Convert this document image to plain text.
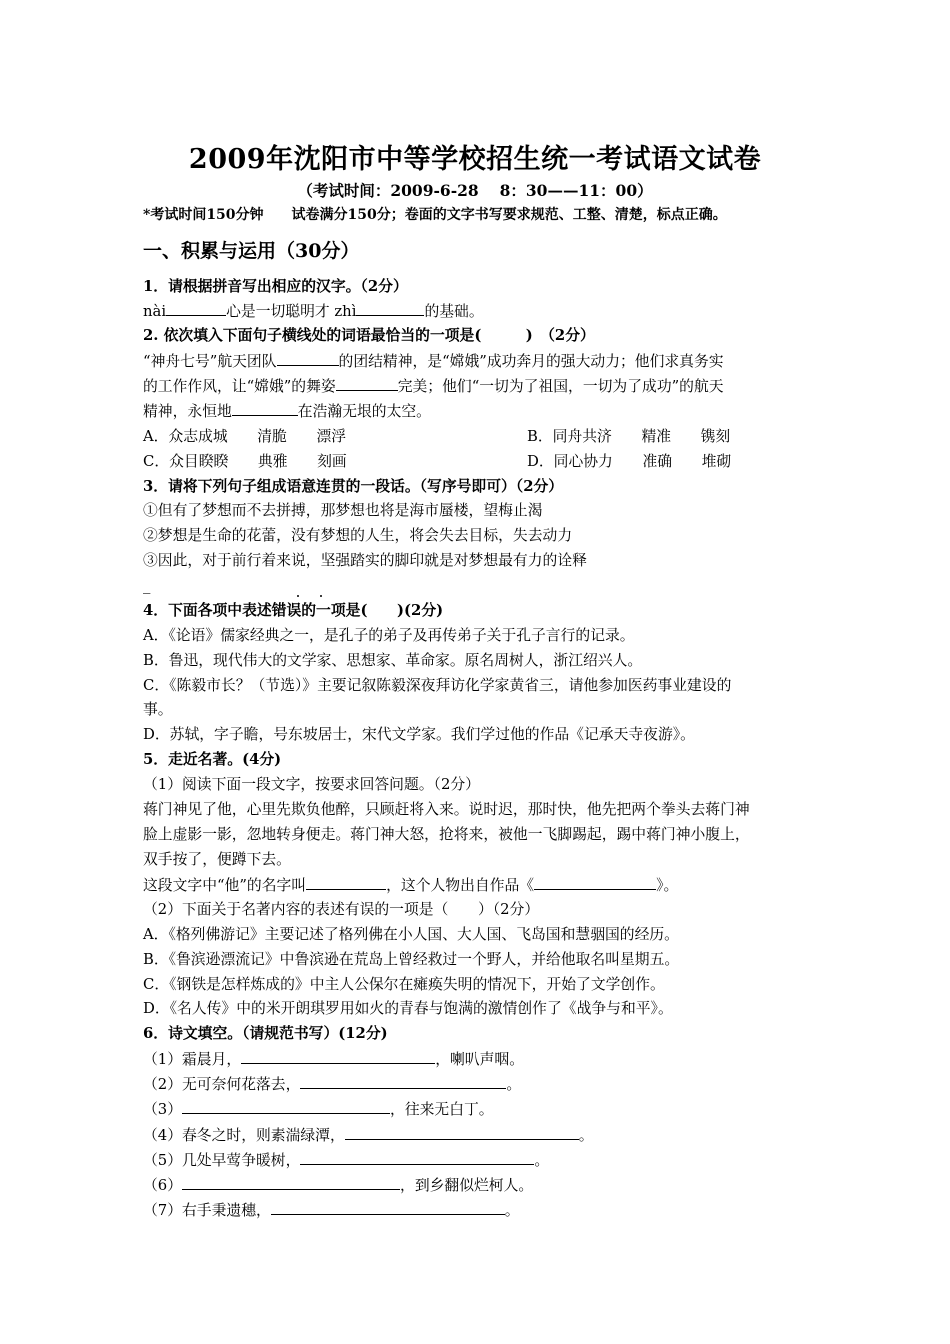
2009年沈阳市中等学校招生统一考试语文试卷
（考试时间：2009-6-28　 8：30——11：00）
*考试时间150分钟　　试卷满分150分；卷面的文字书写要求规范、工整、清楚，标点正确。
一、积累与运用（30分）
1．请根据拼音写出相应的汉字。（2分）
nài	心是一切聪明才 zhì	的基础。
2. 依次填入下面句子横线处的词语最恰当的一项是(　　　)　（2分）
“神舟七号”航天团队	的团结精神，是“嫦娥”成功奔月的强大动力；他们求真务实
的工作作风，让“嫦娥”的舞姿	完美；他们“一切为了祖国，一切为了成功”的航天
精神，永恒地	在浩瀚无垠的太空。
A．众志成城　　清脆　　漂浮	B．同舟共济　　精准　　镌刻
C．众目睽睽　　典雅　　刻画	D．同心协力　　准确　　堆砌
3．请将下列句子组成语意连贯的一段话。（写序号即可）（2分）
①但有了梦想而不去拼搏，那梦想也将是海市蜃楼，望梅止渴
②梦想是生命的花蕾，没有梦想的人生，将会失去目标，失去动力
③因此，对于前行着来说，坚强踏实的脚印就是对梦想最有力的诠释
_
4．下面各项中表述错误的一项是(　　)(2分)
A．《论语》儒家经典之一，是孔子的弟子及再传弟子关于孔子言行的记录。
B．鲁迅，现代伟大的文学家、思想家、革命家。原名周树人，浙江绍兴人。
C．《陈毅市长？（节选）》主要记叙陈毅深夜拜访化学家黄省三，请他参加医药事业建设的
事。
D．苏轼，字子瞻，号东坡居士，宋代文学家。我们学过他的作品《记承天寺夜游》。
5．走近名著。(4分)
（1）阅读下面一段文字，按要求回答问题。（2分）
蒋门神见了他，心里先欺负他醉，只顾赶将入来。说时迟，那时快，他先把两个拳头去蒋门神
脸上虚影一影，忽地转身便走。蒋门神大怒，抢将来，被他一飞脚踢起，踢中蒋门神小腹上，
双手按了，便蹲下去。
这段文字中“他”的名字叫	，这个人物出自作品《	》。
（2）下面关于名著内容的表述有误的一项是（　　）（2分）
A．《格列佛游记》主要记述了格列佛在小人国、大人国、飞岛国和慧骃国的经历。
B．《鲁滨逊漂流记》中鲁滨逊在荒岛上曾经救过一个野人，并给他取名叫星期五。
C．《钢铁是怎样炼成的》中主人公保尔在瘫痪失明的情况下，开始了文学创作。
D．《名人传》中的米开朗琪罗用如火的青春与饱满的激情创作了《战争与和平》。
6．诗文填空。（请规范书写）(12分)
（1）霜晨月，	，喇叭声咽。
（2）无可奈何花落去，	。
（3）	，往来无白丁。
（4）春冬之时，则素湍绿潭，	。
（5）几处早莺争暖树，	。
（6）	，到乡翻似烂柯人。
（7）右手秉遗穗，	。
